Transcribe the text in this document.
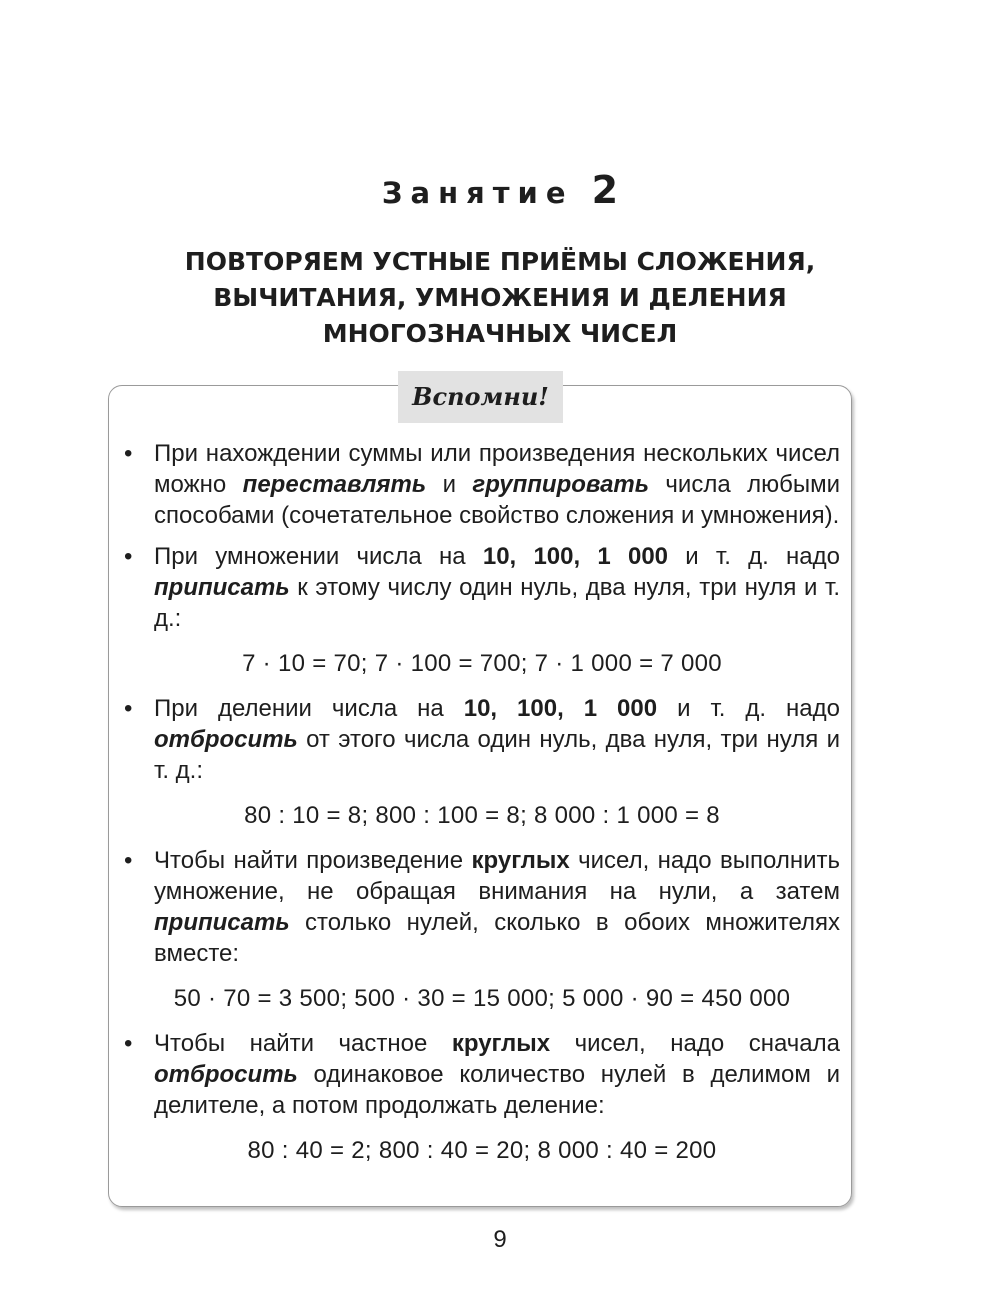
Занятие 2
ПОВТОРЯЕМ УСТНЫЕ ПРИЁМЫ СЛОЖЕНИЯ,
ВЫЧИТАНИЯ, УМНОЖЕНИЯ И ДЕЛЕНИЯ
МНОГОЗНАЧНЫХ ЧИСЕЛ
Вспомни!
• При нахождении суммы или произведения нескольких чисел можно переставлять и группировать числа любыми способами (сочетательное свойство сложения и умножения).
• При умножении числа на 10, 100, 1 000 и т. д. надо приписать к этому числу один нуль, два нуля, три нуля и т. д.:
7 · 10 = 70; 7 · 100 = 700; 7 · 1 000 = 7 000
• При делении числа на 10, 100, 1 000 и т. д. надо отбросить от этого числа один нуль, два нуля, три нуля и т. д.:
80 : 10 = 8; 800 : 100 = 8; 8 000 : 1 000 = 8
• Чтобы найти произведение круглых чисел, надо выполнить умножение, не обращая внимания на нули, а затем приписать столько нулей, сколько в обоих множителях вместе:
50 · 70 = 3 500; 500 · 30 = 15 000; 5 000 · 90 = 450 000
• Чтобы найти частное круглых чисел, надо сначала отбросить одинаковое количество нулей в делимом и делителе, а потом продолжать деление:
80 : 40 = 2; 800 : 40 = 20; 8 000 : 40 = 200
9
